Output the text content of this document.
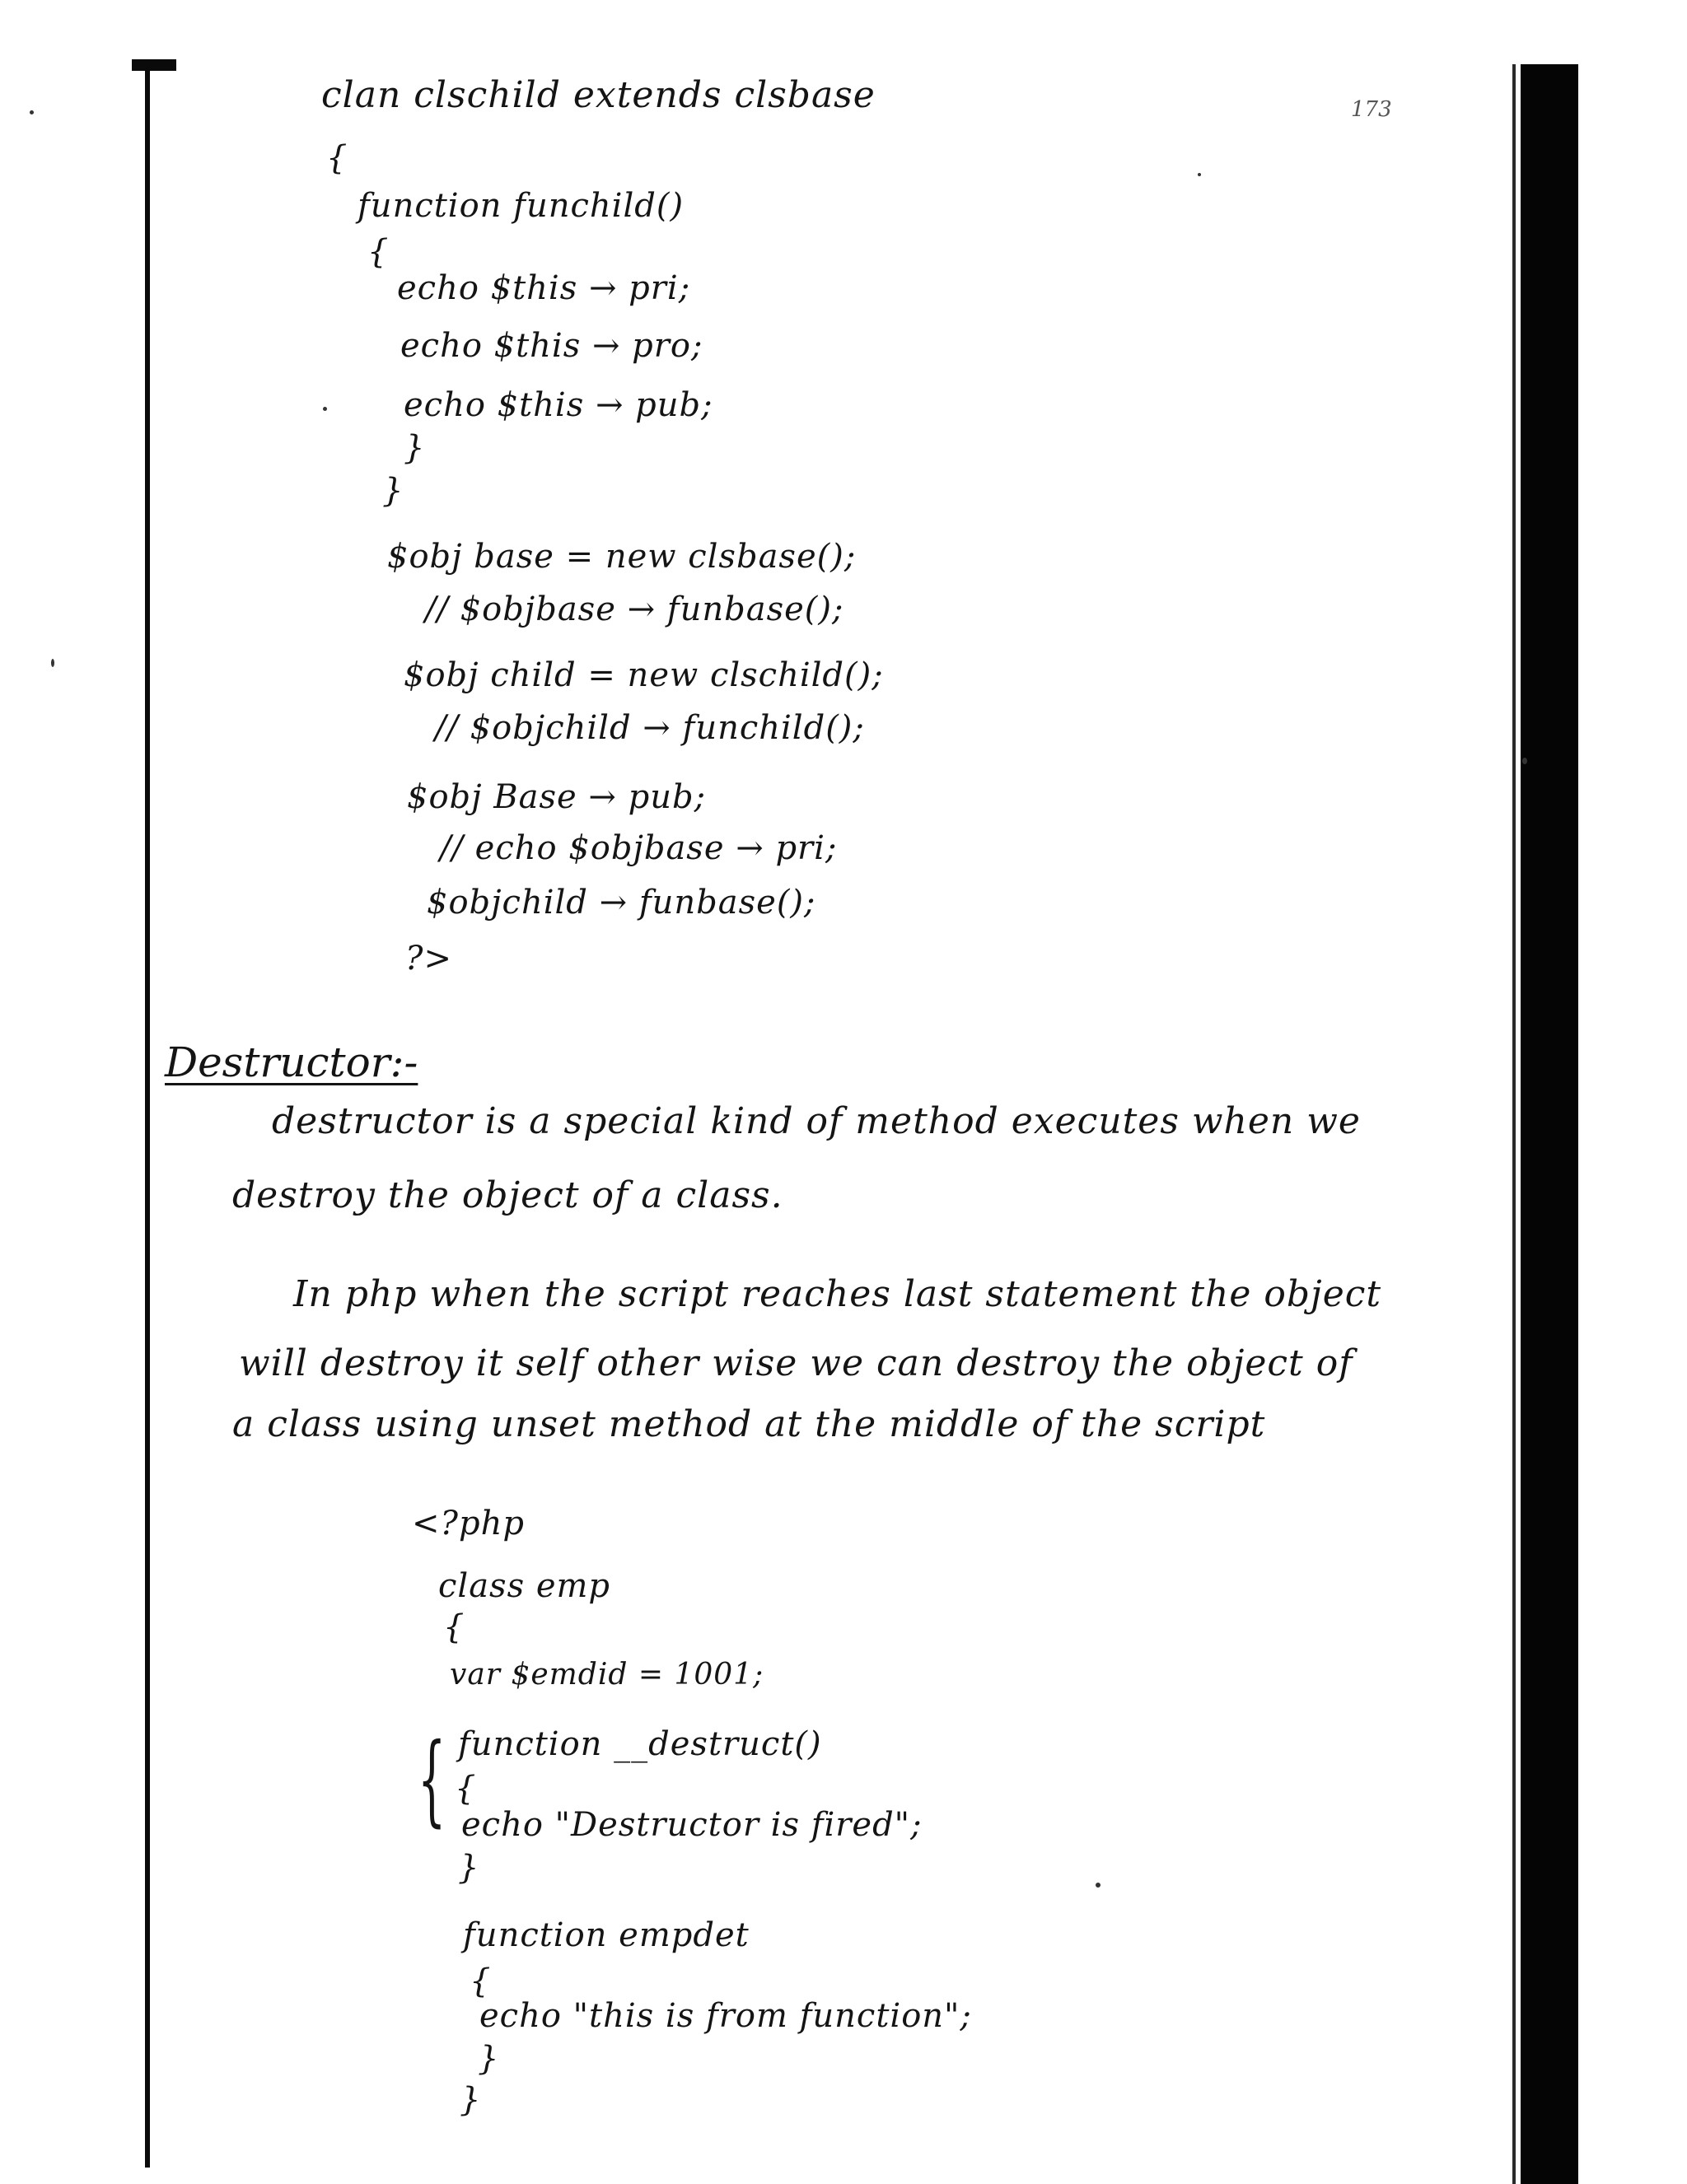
173
clan clschild extends clsbase
{
function funchild()
{
echo $this → pri;
echo $this → pro;
echo $this → pub;
}
}
$obj base = new clsbase();
// $objbase → funbase();
$obj child = new clschild();
// $objchild → funchild();
$obj Base → pub;
// echo $objbase → pri;
$objchild → funbase();
?>
Destructor:-
destructor is a special kind of method executes when we
destroy the object of a class.
In php when the script reaches last statement the object
will destroy it self other wise we can destroy the object of
a class using unset method at the middle of the script
<?php
class emp
{
var $emdid = 1001;
{ function __destruct()
{
echo "Destructor is fired";
}
function empdet
{
echo "this is from function";
}
}
